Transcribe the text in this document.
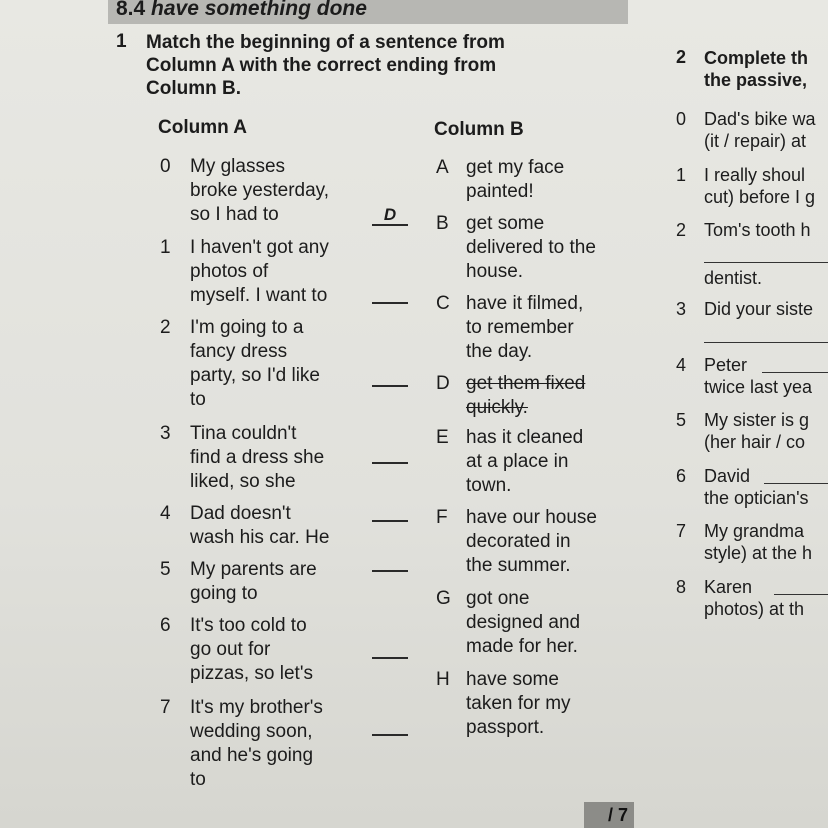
8.4 have something done
1 Match the beginning of a sentence from
Column A with the correct ending from
Column B.
Column A	Column B
0 My glasses
broke yesterday,
so I had to	D
1 I haven't got any
photos of
myself. I want to
2 I'm going to a
fancy dress
party, so I'd like
to
3 Tina couldn't
find a dress she
liked, so she
4 Dad doesn't
wash his car. He
5 My parents are
going to
6 It's too cold to
go out for
pizzas, so let's
7 It's my brother's
wedding soon,
and he's going
to
A get my face
painted!
B get some
delivered to the
house.
C have it filmed,
to remember
the day.
D get them fixed
quickly.
E has it cleaned
at a place in
town.
F have our house
decorated in
the summer.
G got one
designed and
made for her.
H have some
taken for my
passport.
/ 7
2 Complete th
the passive,
0 Dad's bike wa
(it / repair) at
1 I really shoul
cut) before I g
2 Tom's tooth h
dentist.
3 Did your siste
4 Peter
twice last yea
5 My sister is g
(her hair / co
6 David
the optician's
7 My grandma
style) at the h
8 Karen
photos) at th
